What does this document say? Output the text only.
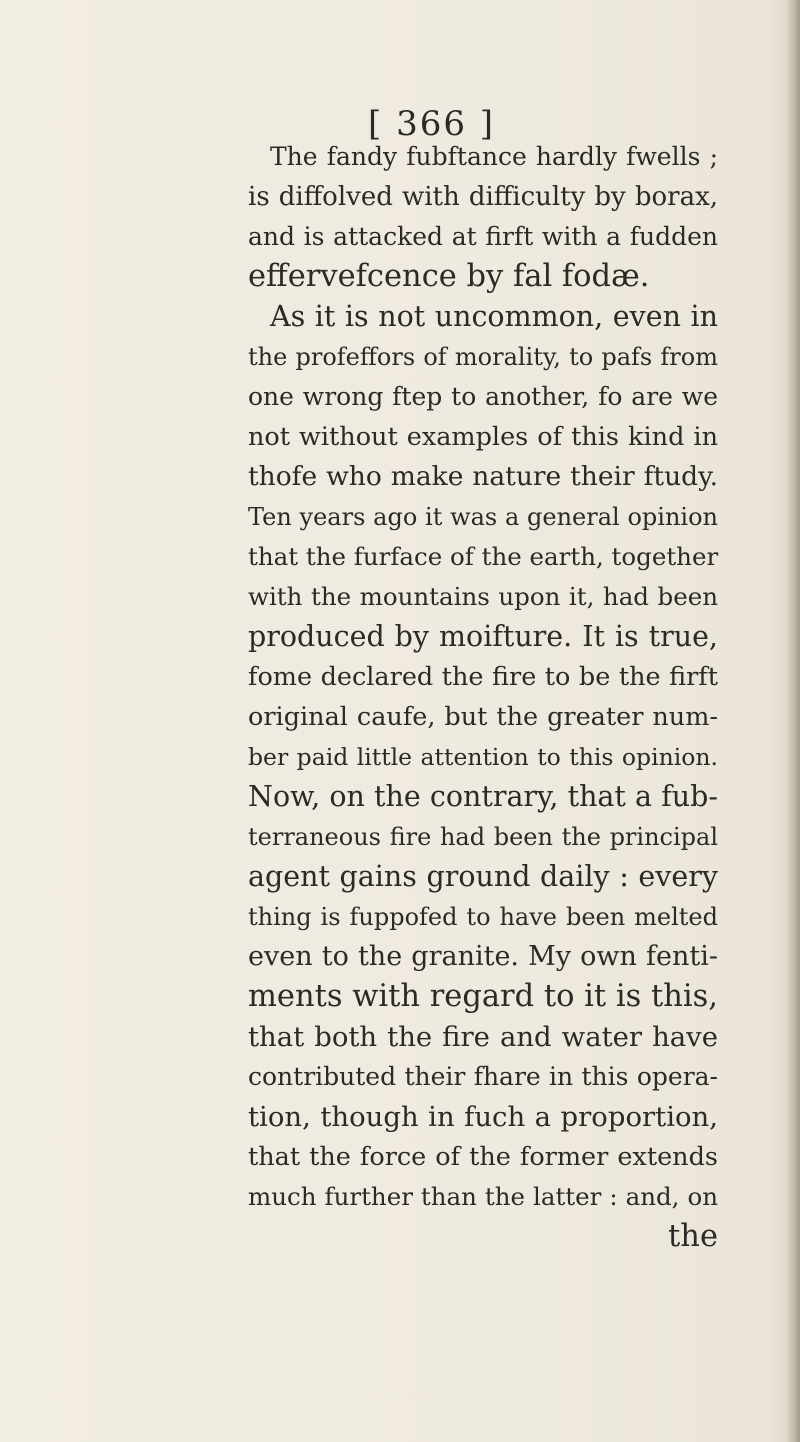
[ 366 ]
The fandy fubftance hardly fwells ;
is diffolved with difficulty by borax,
and is attacked at firft with a fudden
effervefcence by fal fodæ.
As it is not uncommon, even in
the profeffors of morality, to pafs from
one wrong ftep to another, fo are we
not without examples of this kind in
thofe who make nature their ftudy.
Ten years ago it was a general opinion
that the furface of the earth, together
with the mountains upon it, had been
produced by moifture. It is true,
fome declared the fire to be the firft
original caufe, but the greater num-
ber paid little attention to this opinion.
Now, on the contrary, that a fub-
terraneous fire had been the principal
agent gains ground daily : every
thing is fuppofed to have been melted
even to the granite. My own fenti-
ments with regard to it is this,
that both the fire and water have
contributed their fhare in this opera-
tion, though in fuch a proportion,
that the force of the former extends
much further than the latter : and, on
the
